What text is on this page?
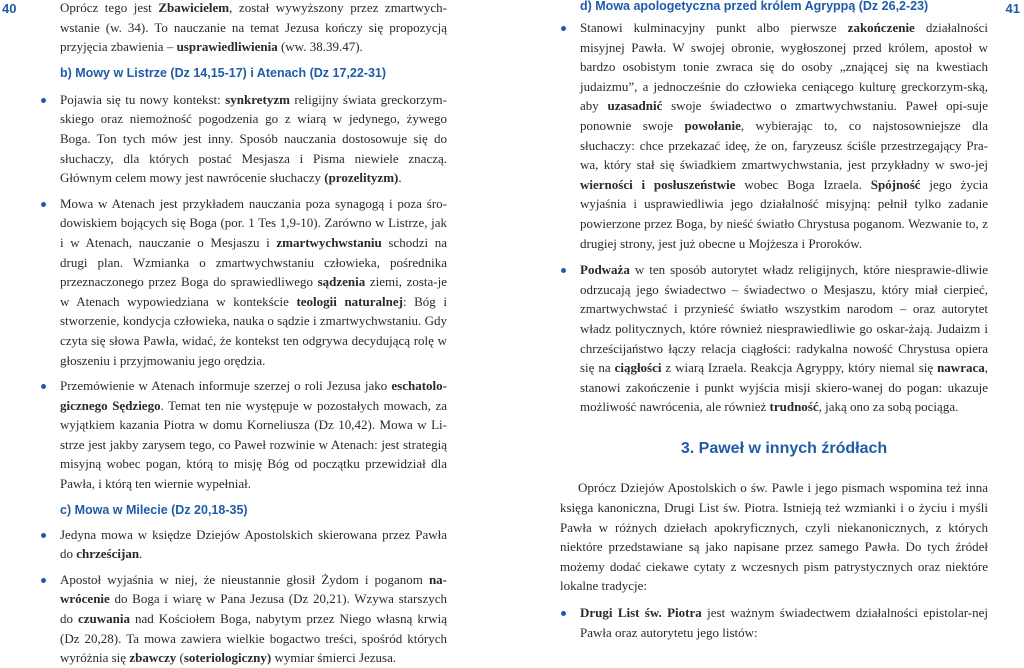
40	41

Oprócz tego jest Zbawicielem, został wywyższony przez zmartwych-wstanie (w. 34). To nauczanie na temat Jezusa kończy się propozycją przyjęcia zbawienia – usprawiedliwienia (ww. 38.39.47).

b) Mowy w Listrze (Dz 14,15-17) i Atenach (Dz 17,22-31)

Pojawia się tu nowy kontekst: synkretyzm religijny świata greckorzym-skiego oraz niemożność pogodzenia go z wiarą w jedynego, żywego Boga. Ton tych mów jest inny. Sposób nauczania dostosowuje się do słuchaczy, dla których postać Mesjasza i Pisma niewiele znaczą. Głównym celem mowy jest nawrócenie słuchaczy (prozelityzm).

Mowa w Atenach jest przykładem nauczania poza synagogą i poza śro-dowiskiem bojących się Boga (por. 1 Tes 1,9-10). Zarówno w Listrze, jak i w Atenach, nauczanie o Mesjaszu i zmartwychwstaniu schodzi na drugi plan. Wzmianka o zmartwychwstaniu człowieka, pośrednika przeznaczonego przez Boga do sprawiedliwego sądzenia ziemi, zosta-je w Atenach wypowiedziana w kontekście teologii naturalnej: Bóg i stworzenie, kondycja człowieka, nauka o sądzie i zmartwychwstaniu. Gdy czyta się słowa Pawła, widać, że kontekst ten odgrywa decydującą rolę w głoszeniu i przyjmowaniu jego orędzia.

Przemówienie w Atenach informuje szerzej o roli Jezusa jako eschatolo-gicznego Sędziego. Temat ten nie występuje w pozostałych mowach, za wyjątkiem kazania Piotra w domu Korneliusza (Dz 10,42). Mowa w Li-strze jest jakby zarysem tego, co Paweł rozwinie w Atenach: jest strategią misyjną wobec pogan, którą to misję Bóg od początku przewidział dla Pawła, i którą ten wiernie wypełniał.

c) Mowa w Milecie (Dz 20,18-35)

Jedyna mowa w księdze Dziejów Apostolskich skierowana przez Pawła do chrześcijan.

Apostoł wyjaśnia w niej, że nieustannie głosił Żydom i poganom na-wrócenie do Boga i wiarę w Pana Jezusa (Dz 20,21). Wzywa starszych do czuwania nad Kościołem Boga, nabytym przez Niego własną krwią (Dz 20,28). Ta mowa zawiera wielkie bogactwo treści, spośród których wyróżnia się zbawczy (soteriologiczny) wymiar śmierci Jezusa.

d) Mowa apologetyczna przed królem Agryppą (Dz 26,2-23)

Stanowi kulminacyjny punkt albo pierwsze zakończenie działalności misyjnej Pawła. W swojej obronie, wygłoszonej przed królem, apostoł w bardzo osobistym tonie zwraca się do osoby „znającej się na kwestiach judaizmu”, a jednocześnie do człowieka ceniącego kulturę greckorzym-ską, aby uzasadnić swoje świadectwo o zmartwychwstaniu. Paweł opi-suje ponownie swoje powołanie, wybierając to, co najstosowniejsze dla słuchaczy: chce przekazać ideę, że on, faryzeusz ściśle przestrzegający Pra-wa, który stał się świadkiem zmartwychwstania, jest przykładny w swo-jej wierności i posłuszeństwie wobec Boga Izraela. Spójność jego życia wyjaśnia i usprawiedliwia jego działalność misyjną: pełnił tylko zadanie powierzone przez Boga, by nieść światło Chrystusa poganom. Wezwanie to, z drugiej strony, jest już obecne u Mojżesza i Proroków.

Podważa w ten sposób autorytet władz religijnych, które niesprawie-dliwie odrzucają jego świadectwo – świadectwo o Mesjaszu, który miał cierpieć, zmartwychwstać i przynieść światło wszystkim narodom – oraz autorytet władz politycznych, które również niesprawiedliwie go oskar-żają. Judaizm i chrześcijaństwo łączy relacja ciągłości: radykalna nowość Chrystusa opiera się na ciągłości z wiarą Izraela. Reakcja Agryppy, który niemal się nawraca, stanowi zakończenie i punkt wyjścia misji skiero-wanej do pogan: ukazuje możliwość nawrócenia, ale również trudność, jaką ono za sobą pociąga.

3. Paweł w innych źródłach

Oprócz Dziejów Apostolskich o św. Pawle i jego pismach wspomina też inna księga kanoniczna, Drugi List św. Piotra. Istnieją też wzmianki i o życiu i myśli Pawła w różnych dziełach apokryficznych, czyli niekanonicznych, z których niektóre przedstawiane są jako napisane przez samego Pawła. Do tych źródeł możemy dodać ciekawe cytaty z wczesnych pism patrystycznych oraz niektóre lokalne tradycje:

Drugi List św. Piotra jest ważnym świadectwem działalności epistolar-nej Pawła oraz autorytetu jego listów:
